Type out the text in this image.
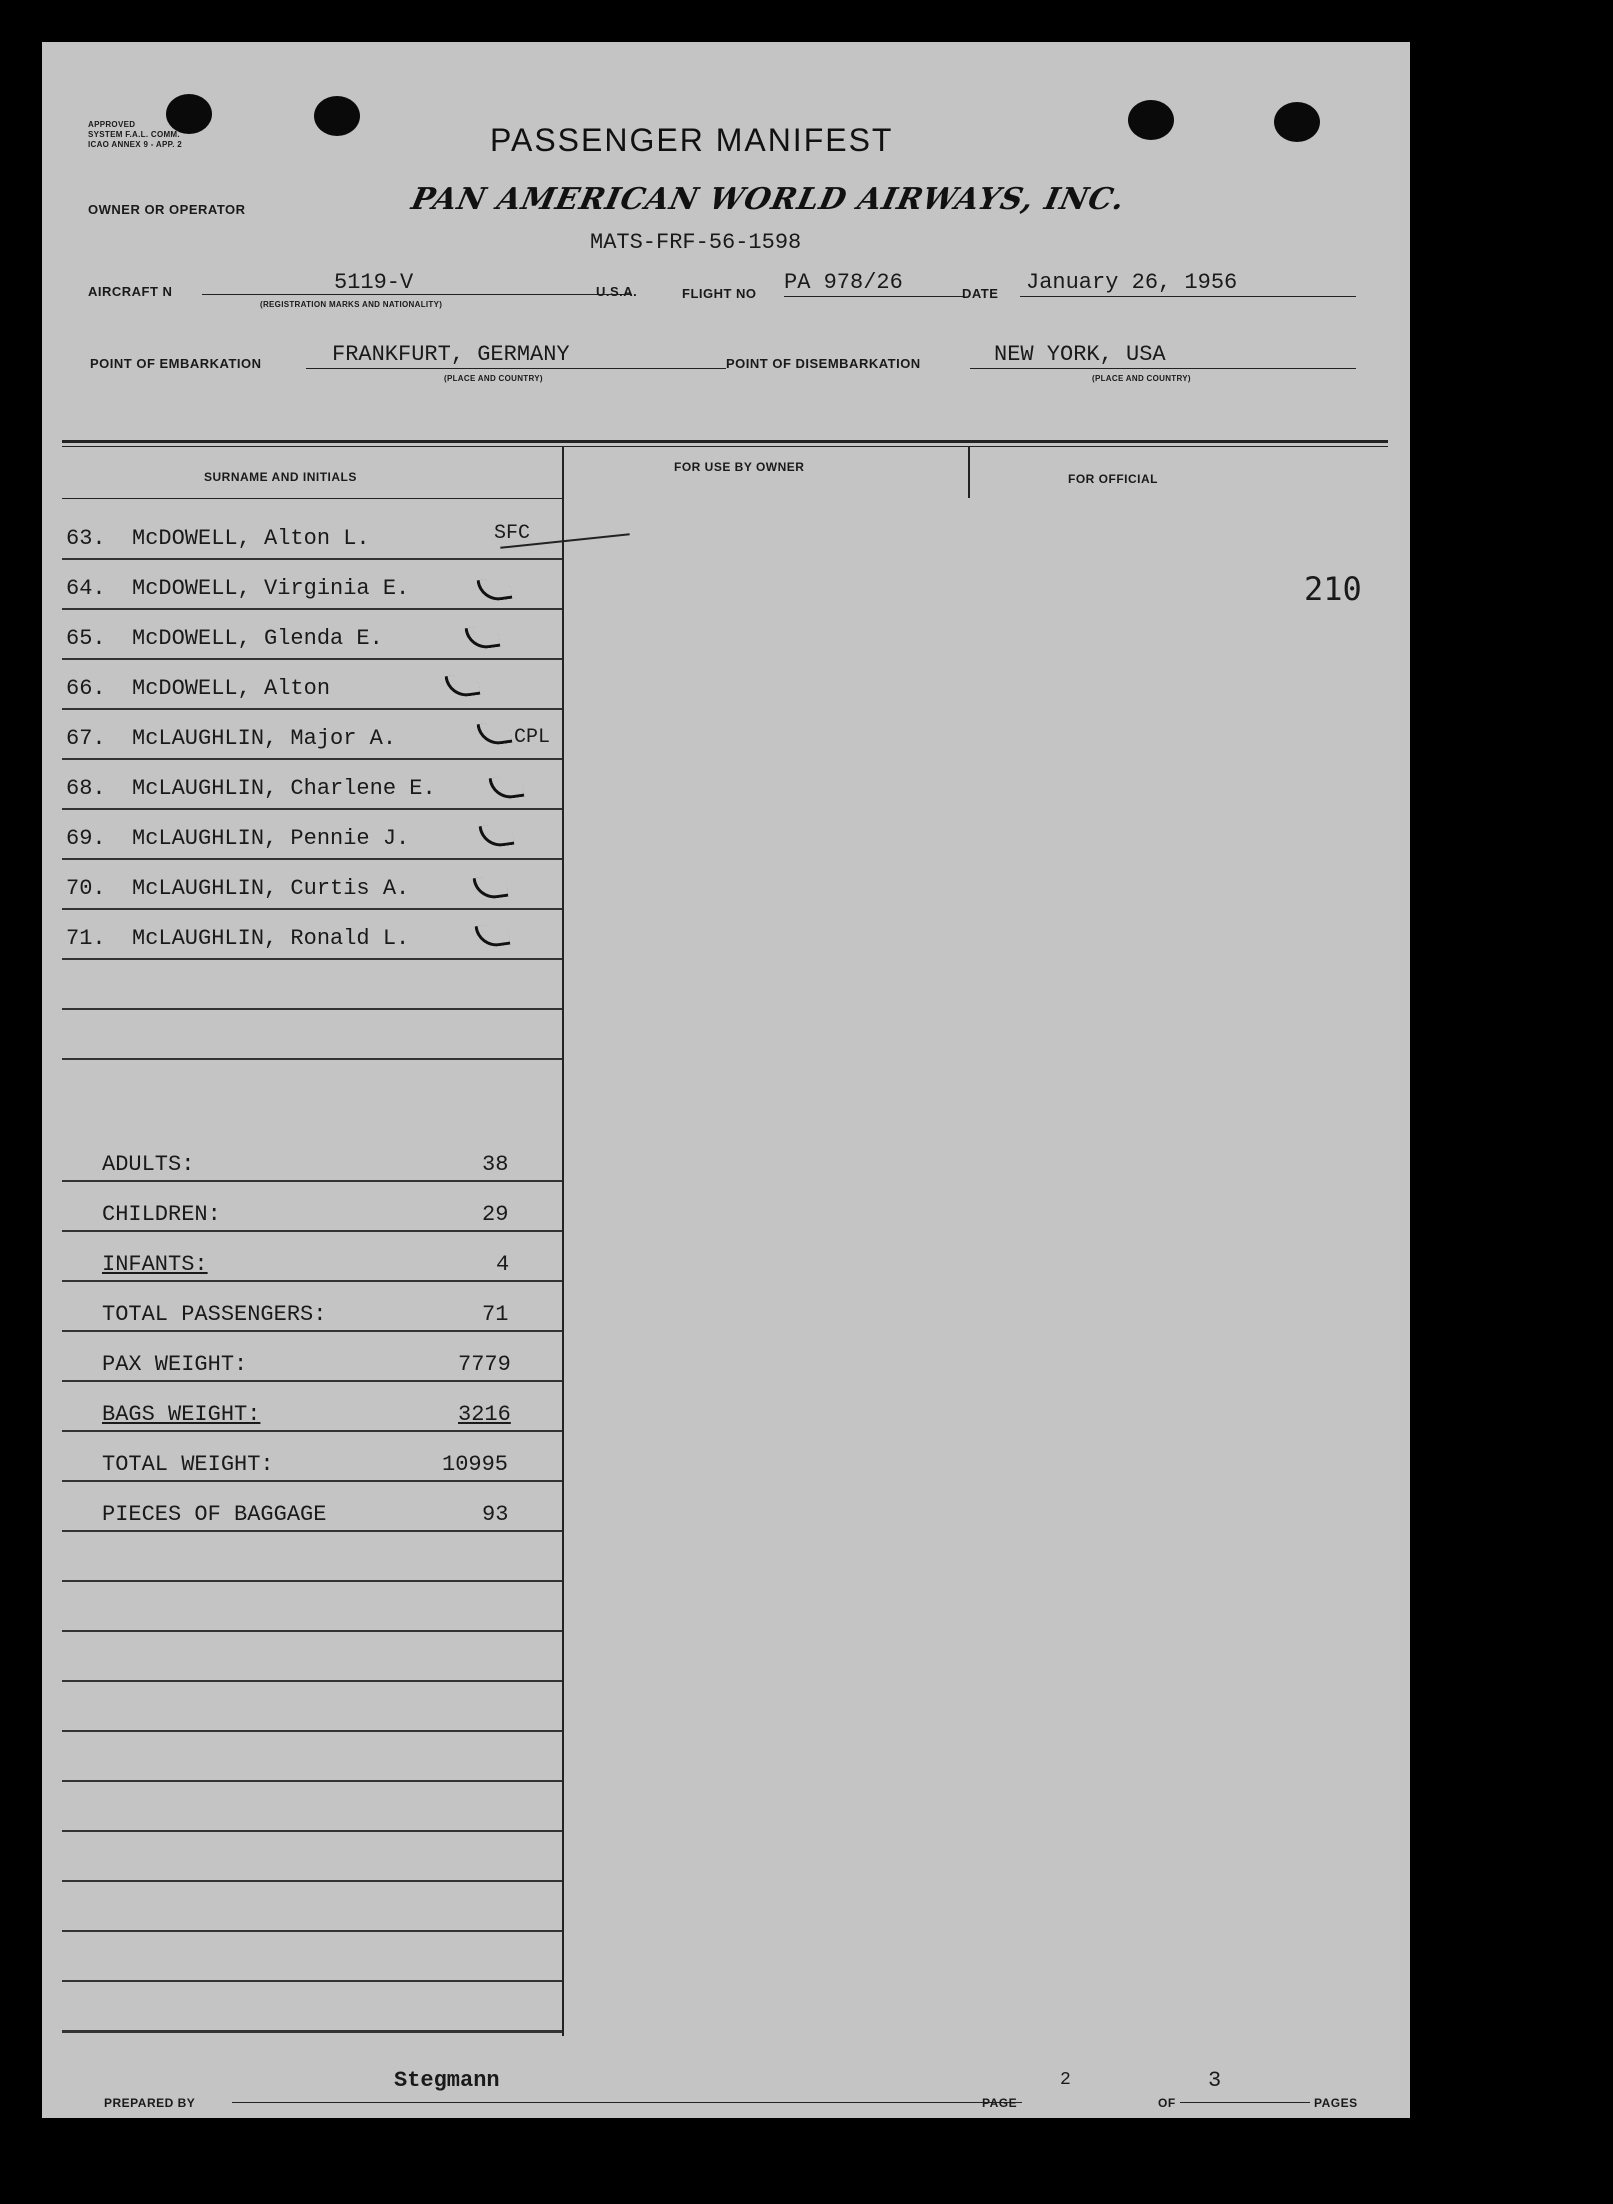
APPROVED
SYSTEM F.A.L. COMM.
ICAO ANNEX 9 - APP. 2	PASSENGER MANIFEST
OWNER OR OPERATOR	PAN AMERICAN WORLD AIRWAYS, INC.
MATS-FRF-56-1598
AIRCRAFT N	5119-V
(REGISTRATION MARKS AND NATIONALITY)
U.S.A.	FLIGHT NO PA 978/26	DATE January 26, 1956
POINT OF EMBARKATION	FRANKFURT, GERMANY
(PLACE AND COUNTRY)
POINT OF DISEMBARKATION	NEW YORK, USA
(PLACE AND COUNTRY)
SURNAME AND INITIALS
FOR USE BY OWNER
FOR OFFICIAL
210
63. McDOWELL, Alton L.	SFC
64. McDOWELL, Virginia E.
65. McDOWELL, Glenda E.
66. McDOWELL, Alton
67. McLAUGHLIN, Major A.	CPL
68. McLAUGHLIN, Charlene E.
69. McLAUGHLIN, Pennie J.
70. McLAUGHLIN, Curtis A.
71. McLAUGHLIN, Ronald L.
ADULTS:	38
CHILDREN:	29
INFANTS:	4
TOTAL PASSENGERS:	71
PAX WEIGHT:	7779
BAGS WEIGHT:	3216
TOTAL WEIGHT:	10995
PIECES OF BAGGAGE	93
PREPARED BY
Stegmann
PAGE
2
OF
3
PAGES
